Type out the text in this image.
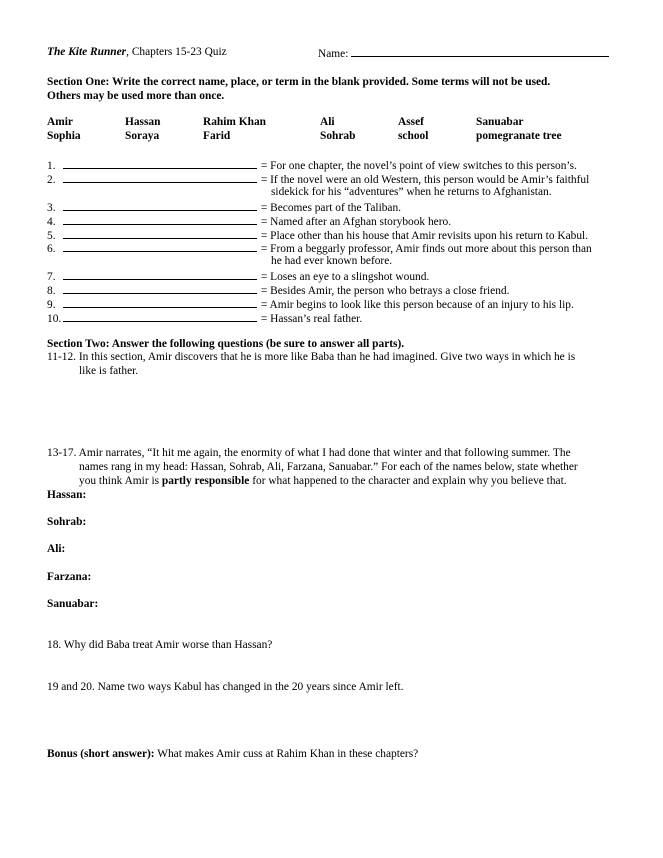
The Kite Runner, Chapters 15-23 Quiz	Name:
Section One: Write the correct name, place, or term in the blank provided. Some terms will not be used.
Others may be used more than once.
Amir	Hassan	Rahim Khan	Ali	Assef	Sanuabar
Sophia	Soraya	Farid	Sohrab	school	pomegranate tree
1.	= For one chapter, the novel’s point of view switches to this person’s.
2.	= If the novel were an old Western, this person would be Amir’s faithful
sidekick for his “adventures” when he returns to Afghanistan.
3.	= Becomes part of the Taliban.
4.	= Named after an Afghan storybook hero.
5.	= Place other than his house that Amir revisits upon his return to Kabul.
6.	= From a beggarly professor, Amir finds out more about this person than
he had ever known before.
7.	= Loses an eye to a slingshot wound.
8.	= Besides Amir, the person who betrays a close friend.
9.	= Amir begins to look like this person because of an injury to his lip.
10.	= Hassan’s real father.
Section Two: Answer the following questions (be sure to answer all parts).
11-12. In this section, Amir discovers that he is more like Baba than he had imagined. Give two ways in which he is
like is father.
13-17. Amir narrates, “It hit me again, the enormity of what I had done that winter and that following summer. The
names rang in my head: Hassan, Sohrab, Ali, Farzana, Sanuabar.” For each of the names below, state whether
you think Amir is partly responsible for what happened to the character and explain why you believe that.
Hassan:
Sohrab:
Ali:
Farzana:
Sanuabar:
18. Why did Baba treat Amir worse than Hassan?
19 and 20. Name two ways Kabul has changed in the 20 years since Amir left.
Bonus (short answer): What makes Amir cuss at Rahim Khan in these chapters?
